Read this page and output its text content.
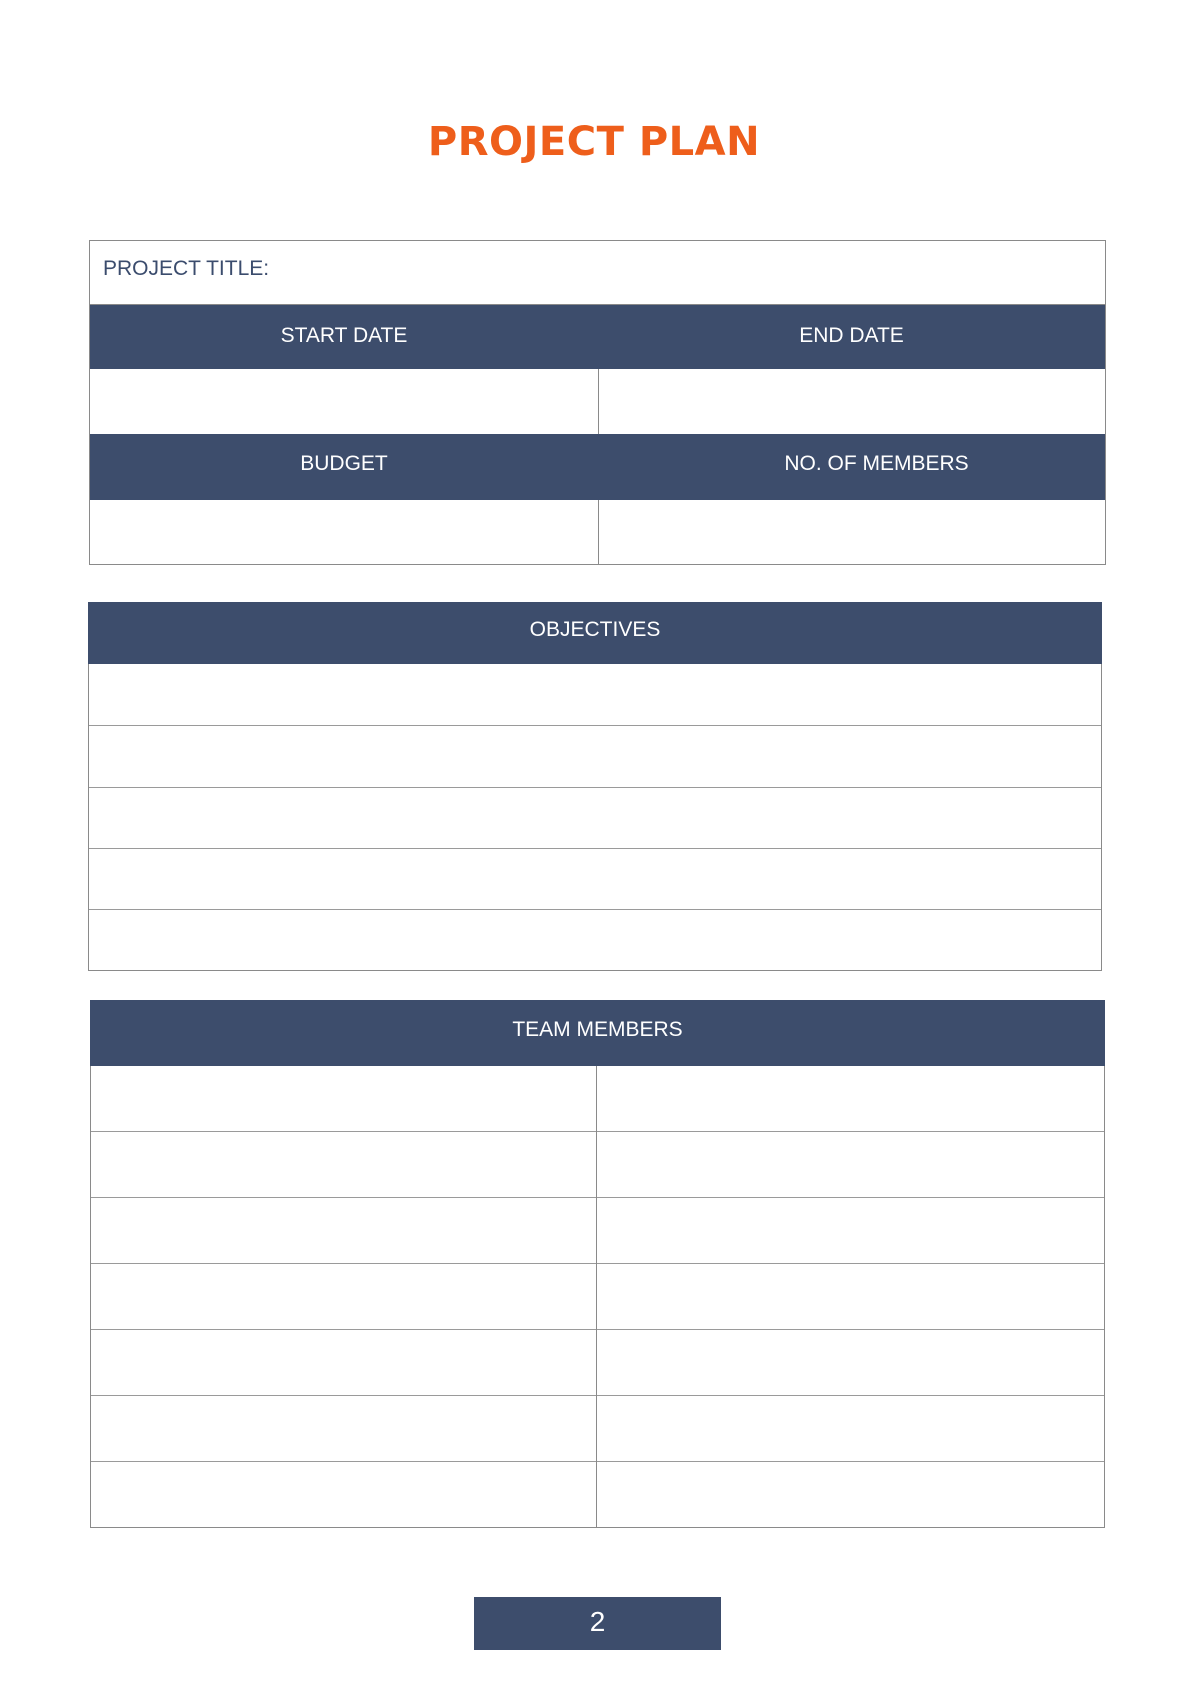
PROJECT PLAN
PROJECT TITLE:
START DATE	END DATE
BUDGET	NO. OF MEMBERS
OBJECTIVES
TEAM MEMBERS
2
